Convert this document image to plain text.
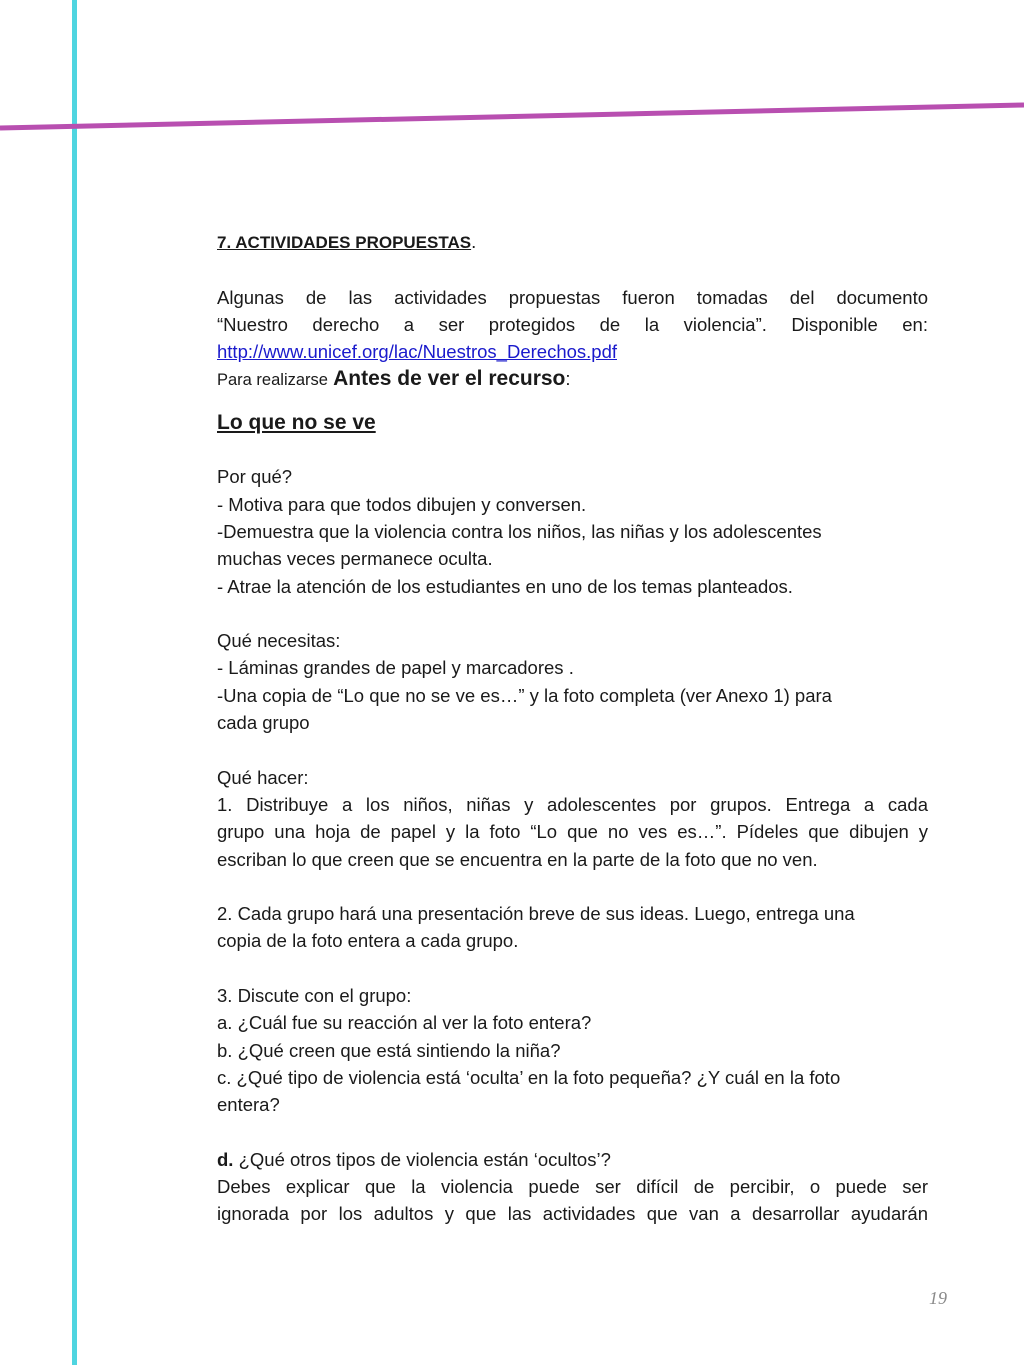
7. ACTIVIDADES PROPUESTAS.

Algunas de las actividades propuestas fueron tomadas del documento

“Nuestro derecho a ser protegidos de la violencia”. Disponible en:

http://www.unicef.org/lac/Nuestros_Derechos.pdf

Para realizarse Antes de ver el recurso:

Lo que no se ve

Por qué?

- Motiva para que todos dibujen y conversen.

-Demuestra que la violencia contra los niños, las niñas y los adolescentes

muchas veces permanece oculta.

- Atrae la atención de los estudiantes en uno de los temas planteados.

Qué necesitas:

- Láminas grandes de papel y marcadores .

-Una copia de “Lo que no se ve es…” y la foto completa (ver Anexo 1) para

cada grupo

Qué hacer:

1. Distribuye a los niños, niñas y adolescentes por grupos. Entrega a cada

grupo una hoja de papel y la foto “Lo que no ves es…”. Pídeles que dibujen y

escriban lo que creen que se encuentra en la parte de la foto que no ven.

2. Cada grupo hará una presentación breve de sus ideas. Luego, entrega una

copia de la foto entera a cada grupo.

3. Discute con el grupo:

a. ¿Cuál fue su reacción al ver la foto entera?

b. ¿Qué creen que está sintiendo la niña?

c. ¿Qué tipo de violencia está ‘oculta’ en la foto pequeña? ¿Y cuál en la foto

entera?

d. ¿Qué otros tipos de violencia están ‘ocultos’?

Debes explicar que la violencia puede ser difícil de percibir, o puede ser

ignorada por los adultos y que las actividades que van a desarrollar ayudarán

19
